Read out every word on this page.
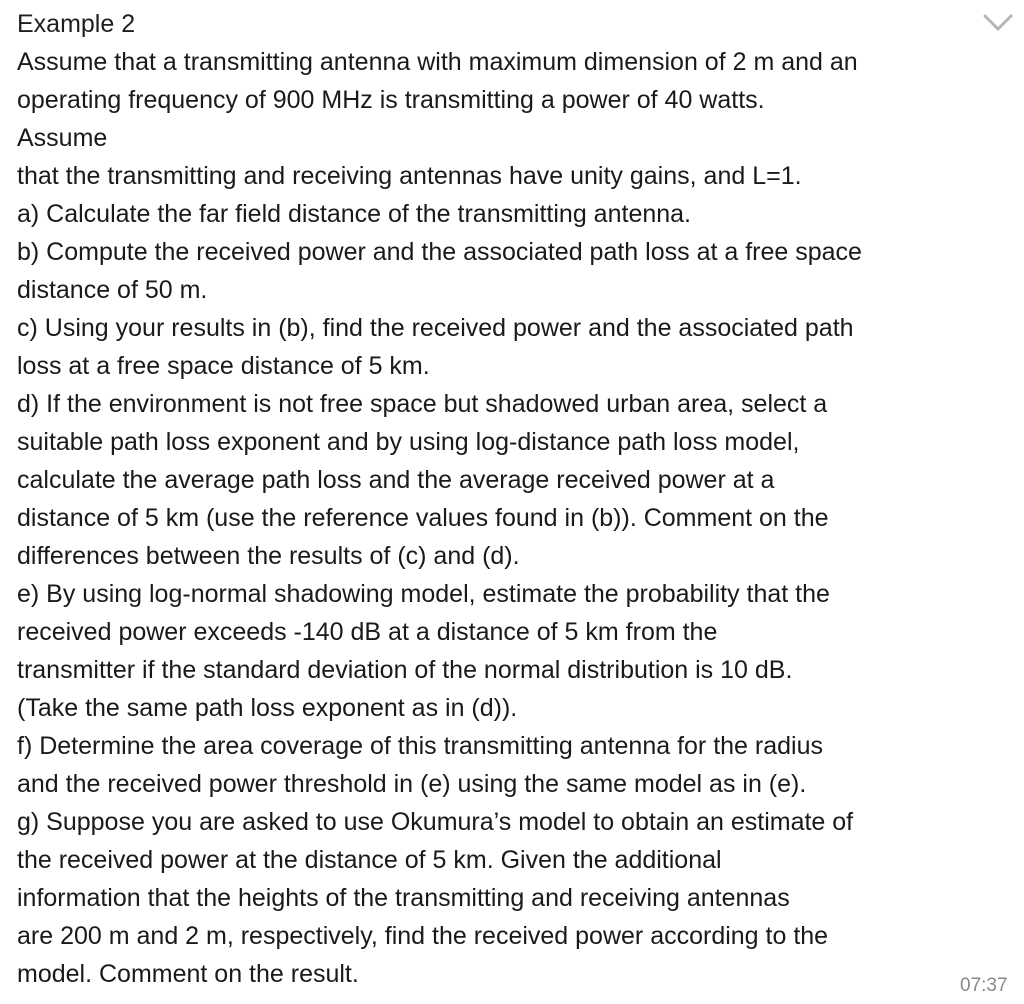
Example 2
Assume that a transmitting antenna with maximum dimension of 2 m and an
operating frequency of 900 MHz is transmitting a power of 40 watts.
Assume
that the transmitting and receiving antennas have unity gains, and L=1.
a) Calculate the far field distance of the transmitting antenna.
b) Compute the received power and the associated path loss at a free space
distance of 50 m.
c) Using your results in (b), find the received power and the associated path
loss at a free space distance of 5 km.
d) If the environment is not free space but shadowed urban area, select a
suitable path loss exponent and by using log-distance path loss model,
calculate the average path loss and the average received power at a
distance of 5 km (use the reference values found in (b)). Comment on the
differences between the results of (c) and (d).
e) By using log-normal shadowing model, estimate the probability that the
received power exceeds -140 dB at a distance of 5 km from the
transmitter if the standard deviation of the normal distribution is 10 dB.
(Take the same path loss exponent as in (d)).
f) Determine the area coverage of this transmitting antenna for the radius
and the received power threshold in (e) using the same model as in (e).
g) Suppose you are asked to use Okumura’s model to obtain an estimate of
the received power at the distance of 5 km. Given the additional
information that the heights of the transmitting and receiving antennas
are 200 m and 2 m, respectively, find the received power according to the
model. Comment on the result.	07:37
